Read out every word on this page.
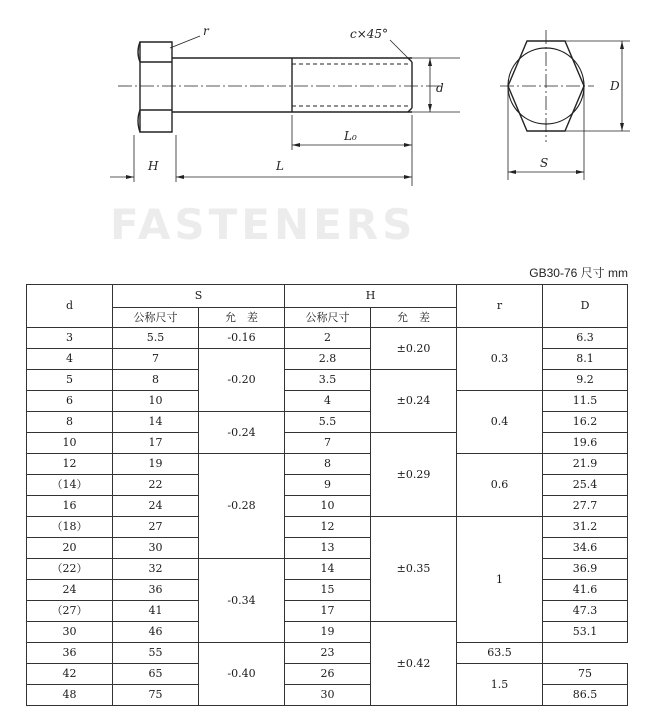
r	c×45°
d
L₀
H	L	S
D
FASTENERS
GB30-76 尺寸 mm
d	S		H		r	D
	公称尺寸	允　差	公称尺寸	允　差		
3	5.5	-0.16	2	±0.20	0.3	6.3
4	7	-0.20	2.8			8.1
5	8		3.5	±0.24		9.2
6	10		4		0.4	11.5
8	14	-0.24	5.5			16.2
10	17		7	±0.29		19.6
12	19	-0.28	8		0.6	21.9
（14）	22		9			25.4
16	24		10			27.7
（18）	27		12	±0.35	1	31.2
20	30		13			34.6
（22）	32	-0.34	14			36.9
24	36		15			41.6
（27）	41		17			47.3
30	46		19	±0.42		53.1
36	55	-0.40	23		63.5	
42	65		26		1.5	75
48	75		30			86.5
